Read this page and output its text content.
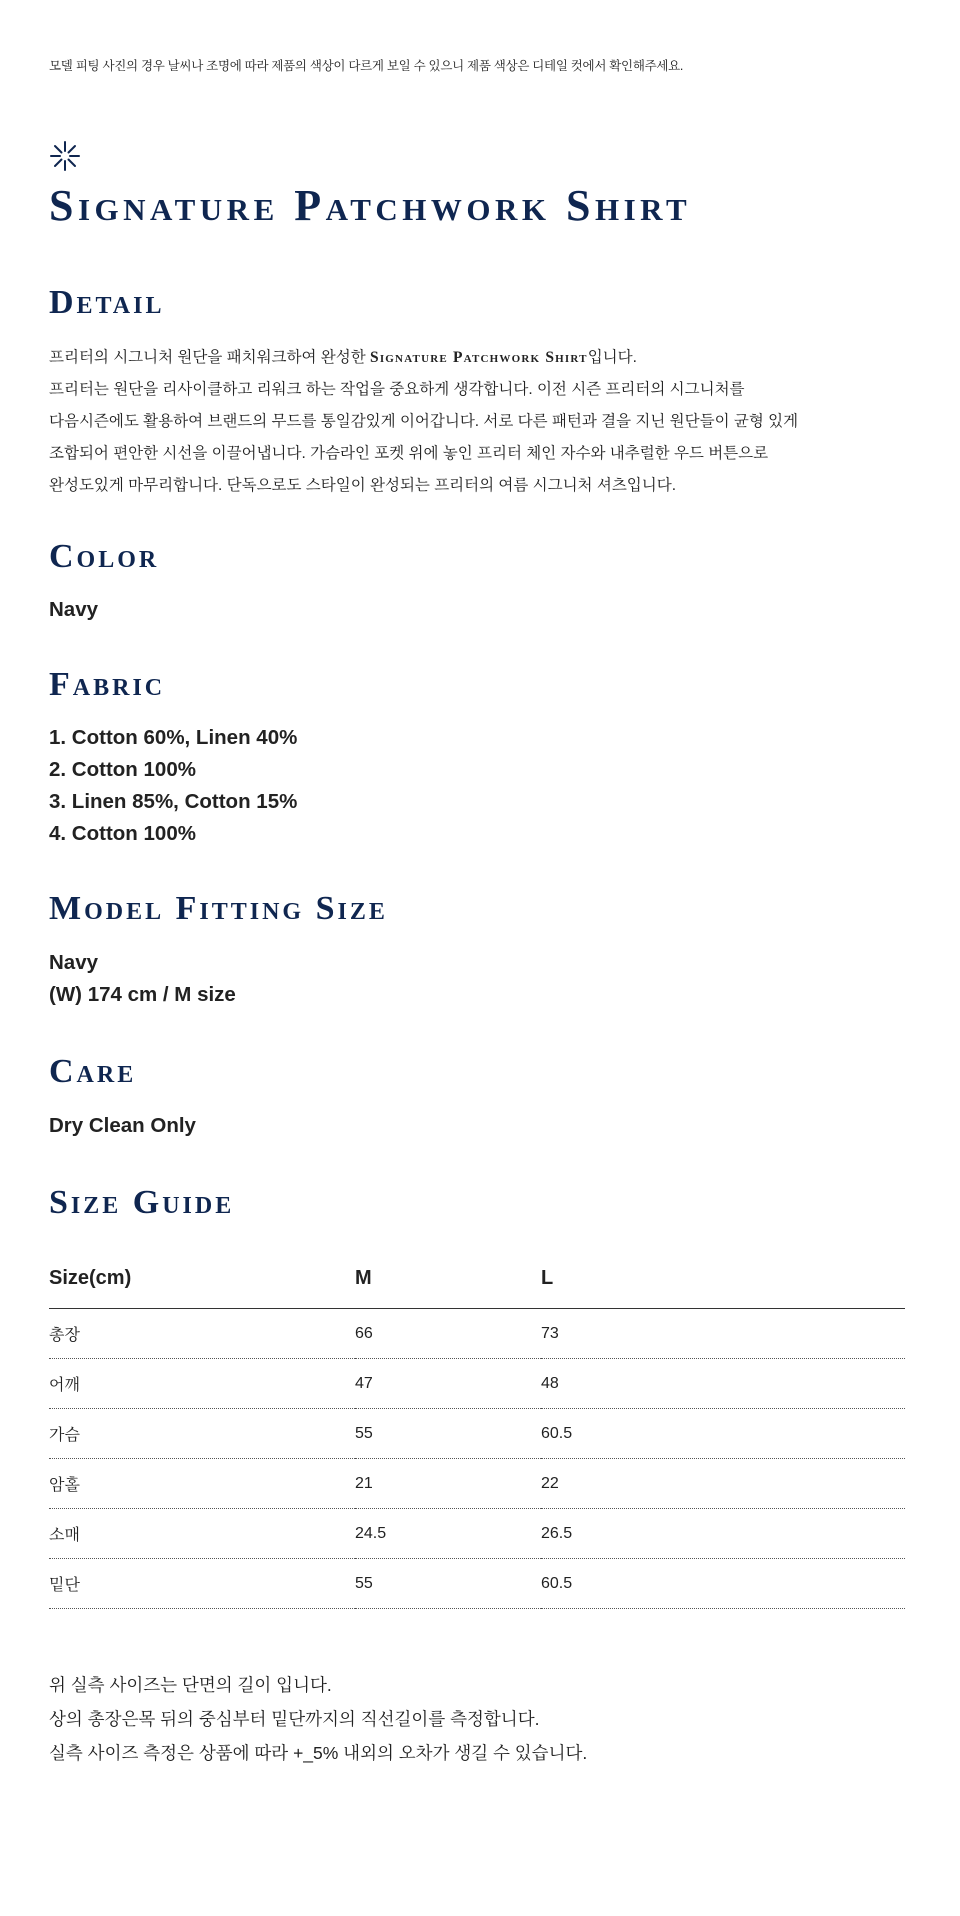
모델 피팅 사진의 경우 날씨나 조명에 따라 제품의 색상이 다르게 보일 수 있으니 제품 색상은 디테일 컷에서 확인해주세요.
Signature Patchwork Shirt
Detail

프리터의 시그니처 원단을 패치워크하여 완성한 Signature Patchwork Shirt입니다.

프리터는 원단을 리사이클하고 리워크 하는 작업을 중요하게 생각합니다. 이전 시즌 프리터의 시그니처를

다음시즌에도 활용하여 브랜드의 무드를 통일감있게 이어갑니다. 서로 다른 패턴과 결을 지닌 원단들이 균형 있게

조합되어 편안한 시선을 이끌어냅니다. 가슴라인 포켓 위에 놓인 프리터 체인 자수와 내추럴한 우드 버튼으로

완성도있게 마무리합니다. 단독으로도 스타일이 완성되는 프리터의 여름 시그니처 셔츠입니다.

Color

Navy

Fabric
1. Cotton 60%, Linen 40%
2. Cotton 100%
3. Linen 85%, Cotton 15%
4. Cotton 100%
Model Fitting Size

Navy

(W) 174 cm / M size

Care

Dry Clean Only

Size Guide
Size(cm)	M	L
총장	66	73
어깨	47	48
가슴	55	60.5
암홀	21	22
소매	24.5	26.5
밑단	55	60.5

위 실측 사이즈는 단면의 길이 입니다.

상의 총장은목 뒤의 중심부터 밑단까지의 직선길이를 측정합니다.

실측 사이즈 측정은 상품에 따라 +_5% 내외의 오차가 생길 수 있습니다.
